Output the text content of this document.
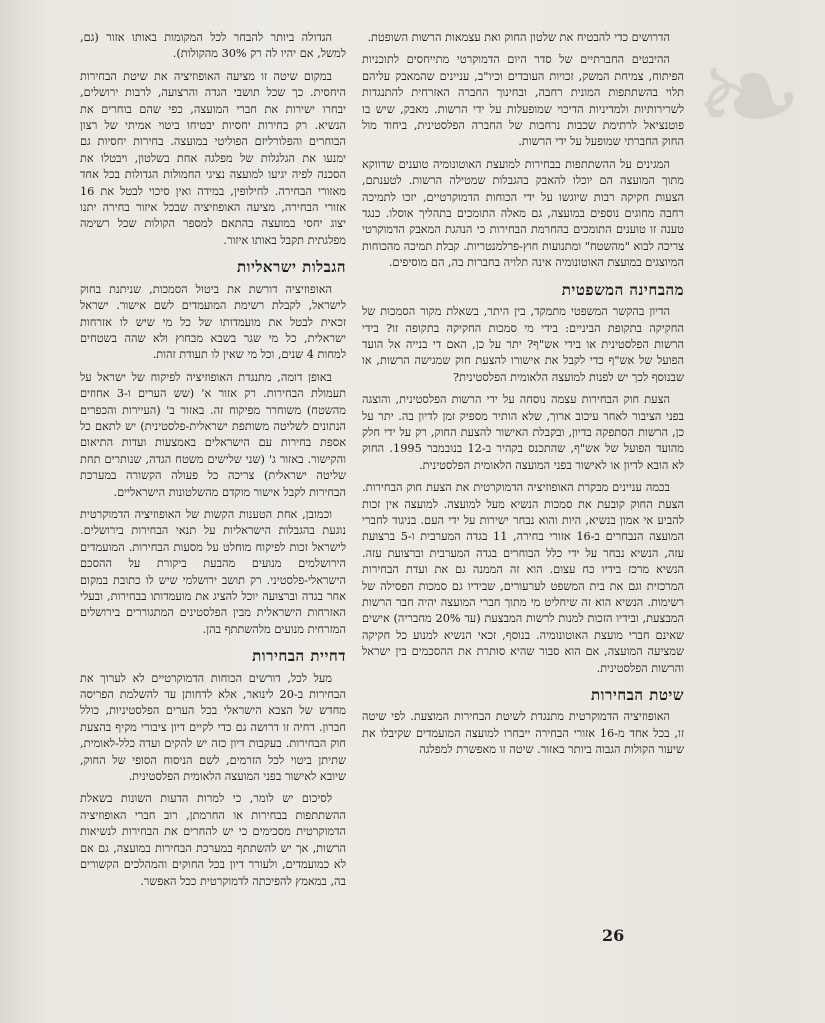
❧

הדרושים כדי להבטיח את שלטון החוק ואת עצמאות הרשות השופטת.

ההיבטים החברתיים של סדר היום הדמוקרטי מתייחסים לתוכניות הפיתוח, צמיחת המשק, זכויות העובדים וכיו"ב, עניינים שהמאבק עליהם תלוי בהשתתפות המונית רחבה, ובחינוך החברה האזרחית להתנגדות לשרירותיות ולמדיניות הדיכוי שמופעלות על ידי הרשות. מאבק, שיש בו פוטנציאל לרתימת שכבות נרחבות של החברה הפלסטינית, ביחוד מול החוק החברתי שמופעל על ידי הרשות.

המגינים על ההשתתפות בבחירות למועצת האוטונומיה טוענים שדווקא מתוך המועצה הם יוכלו להאבק בהגבלות שמטילה הרשות. לטענתם, הצעות חקיקה רבות שיוגשו על ידי הכוחות הדמוקרטיים, יזכו לתמיכה רחבה מחוגים נוספים במועצה, גם מאלה התומכים בתהליך אוסלו. כנגד טענה זו טוענים התומכים בהחרמת הבחירות כי הנהגת המאבק הדמוקרטי צריכה לבוא "מהשטח" ומתנועות חוץ-פרלמנטריות. קבלת תמיכה מהכוחות המיוצגים במועצת האוטונומיה אינה תלויה בחברות בה, הם מוסיפים.

מהבחינה המשפטית

הדיון בהקשר המשפטי מתמקד, בין היתר, בשאלת מקור הסמכות של החקיקה בתקופת הביניים: בידי מי סמכות החקיקה בתקופה זו? בידי הרשות הפלסטינית או בידי אש"ף? יתר על כן, האם די בנייה אל הועד הפועל של אש"ף כדי לקבל את אישורו להצעת חוק שמגישה הרשות, או שבנוסף לכך יש לפנות למועצה הלאומית הפלסטינית?

הצעת חוק הבחירות עצמה נוסחה על ידי הרשות הפלסטינית, והוצגה בפני הציבור לאחר עיכוב ארוך, שלא הותיר מספיק זמן לדיון בה. יתר על כן, הרשות הסתפקה בדיון, ובקבלת האישור להצעת החוק, רק על ידי חלק מהועד הפועל של אש"ף, שהתכנס בקהיר ב-12 בנובמבר 1995. החוק לא הובא לדיון או לאישור בפני המועצה הלאומית הפלסטינית.

בכמה עניינים מבקרת האופוזיציה הדמוקרטית את הצעת חוק הבחירות. הצעת החוק קובעת את סמכות הנשיא מעל למועצה. למועצה אין זכות להביע אי אמון בנשיא, היות והוא נבחר ישירות על ידי העם. בניגוד לחברי המועצה הנבחרים ב-16 אזורי בחירה, 11 בגדה המערבית ו-5 ברצועת עזה, הנשיא נבחר על ידי כלל הבוחרים בגדה המערבית וברצועת עזה. הנשיא מרכז בידיו כח עצום. הוא זה הממנה גם את ועדת הבחירות המרכזית וגם את בית המשפט לערעורים, שבידיו גם סמכות הפסילה של רשימות. הנשיא הוא זה שיחליט מי מתוך חברי המועצה יהיה חבר הרשות המבצעת, ובידיו הזכות למנות לרשות המבצעת (עד 20% מחבריה) אישים שאינם חברי מועצת האוטונומיה. בנוסף, זכאי הנשיא למנוע כל חקיקה שמציעה המועצה, אם הוא סבור שהיא סותרת את ההסכמים בין ישראל והרשות הפלסטינית.

שיטת הבחירות

האופוזיציה הדמוקרטית מתנגדת לשיטת הבחירות המוצעת. לפי שיטה זו, בכל אחד מ-16 אזורי הבחירה ייבחרו למועצה המועמדים שקיבלו את שיעור הקולות הגבוה ביותר באזור. שיטה זו מאפשרת למפלגה

הגדולה ביותר להבחר לכל המקומות באותו אזור (גם, למשל, אם יהיו לה רק 30% מהקולות).

במקום שיטה זו מציעה האופוזיציה את שיטת הבחירות היחסית. כך שכל תושבי הגדה והרצועה, לרבות ירושלים, יבחרו ישירות את חברי המועצה, כפי שהם בוחרים את הנשיא. רק בחירות יחסיות יבטיחו ביטוי אמיתי של רצון הבוחרים והפלורליזם הפוליטי במועצה. בחירות יחסיות גם ימנעו את הגלגלות של מפלגה אחת בשלטון, ויבטלו את הסכנה לפיה יגיעו למועצה נציגי החמולות הגדולות בכל אחד מאזורי הבחירה. לחילופין, במידה ואין סיכוי לבטל את 16 אזורי הבחירה, מציעה האופוזיציה שבכל איזור בחירה יתנו יצוג יחסי במועצה בהתאם למספר הקולות שכל רשימה מפלגתית תקבל באותו איזור.

הגבלות ישראליות

האופוזיציה דורשת את ביטול הסמכות, שניתנת בחוק לישראל, לקבלת רשימת המועמדים לשם אישור. ישראל זכאית לבטל את מועמדותו של כל מי שיש לו אזרחות ישראלית, כל מי שגר בשבא מבחוץ ולא שהה בשטחים למחות 4 שנים, וכל מי שאין לו תעודת זהות.

באופן דומה, מתנגדת האופוזיציה לפיקוח של ישראל על תעמולת הבחירות. רק אזור א' (שש הערים ו-3 אחוזים מהשטח) משוחרר מפיקוח זה. באזור ב' (העיירות והכפרים הנתונים לשליטה משותפת ישראלית-פלסטינית) יש לתאם כל אספת בחירות עם הישראלים באמצעות ועדות התיאום והקישור. באזור ג' (שני שלישים משטח הגדה, שנותרים תחת שליטה ישראלית) צריכה כל פעולה הקשורה במערכת הבחירות לקבל אישור מוקדם מהשלטונות הישראליים.

וכמובן, אחת הטענות הקשות של האופוזיציה הדמוקרטית נוגעת בהגבלות הישראליות על תנאי הבחירות בירושלים. לישראל זכות לפיקוח מוחלט על מסעות הבחירות. המועמדים הירושלמים מנועים מהבעת ביקורת על ההסכם הישראלי-פלסטיני. רק תושב ירושלמי שיש לו כתובת במקום אחר בגדה וברצועה יוכל להציג את מועמדותו בבחירות, ובעלי האזרחות הישראלית מבין הפלסטינים המתגוררים בירושלים המזרחית מנועים מלהשתתף בהן.

דחיית הבחירות

מעל לכל, דורשים הכוחות הדמוקרטיים לא לערוך את הבחירות ב-20 לינואר, אלא לדחותן עד להשלמת הפריסה מחדש של הצבא הישראלי בכל הערים הפלסטיניות, כולל חברון. דחיה זו דרושה גם כדי לקיים דיון ציבורי מקיף בהצעת חוק הבחירות. בעקבות דיון כזה יש להקים ועדה כלל-לאומית, שתיתן ביטוי לכל הזרמים, לשם הניסוח הסופי של החוק, שיובא לאישור בפני המועצה הלאומית הפלסטינית.

לסיכום יש לומר, כי למרות הדעות השונות בשאלת ההשתתפות בבחירות או החרמתן, רוב חברי האופוזיציה הדמוקרטית מסכימים כי יש להחרים את הבחירות לנשיאות הרשות, אך יש להשתתף במערכת הבחירות במועצה, גם אם לא כמועמדים, ולעורר דיון בכל החוקים והמהלכים הקשורים בה, במאמץ להפיכתה לדמוקרטית ככל האפשר.

26
